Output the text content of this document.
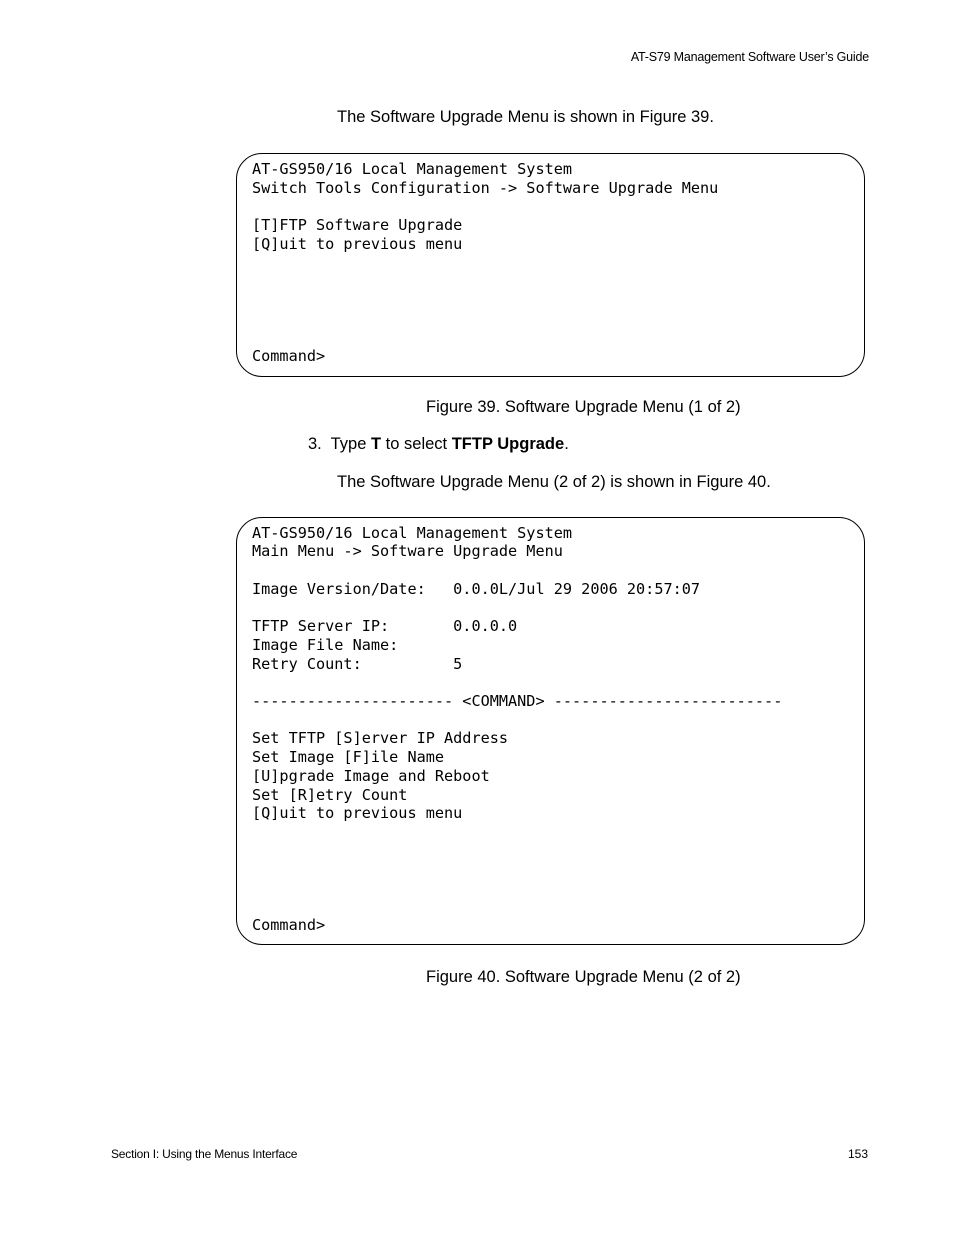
AT-S79 Management Software User’s Guide
The Software Upgrade Menu is shown in Figure 39.
AT-GS950/16 Local Management System
Switch Tools Configuration -> Software Upgrade Menu
[T]FTP Software Upgrade
[Q]uit to previous menu
Command>
Figure 39. Software Upgrade Menu (1 of 2)
3. Type T to select TFTP Upgrade.
The Software Upgrade Menu (2 of 2) is shown in Figure 40.
AT-GS950/16 Local Management System
Main Menu -> Software Upgrade Menu
Image Version/Date:   0.0.0L/Jul 29 2006 20:57:07
TFTP Server IP:       0.0.0.0
Image File Name:
Retry Count:          5
---------------------- <COMMAND> -------------------------
Set TFTP [S]erver IP Address
Set Image [F]ile Name
[U]pgrade Image and Reboot
Set [R]etry Count
[Q]uit to previous menu
Command>
Figure 40. Software Upgrade Menu (2 of 2)
Section I: Using the Menus Interface	153
